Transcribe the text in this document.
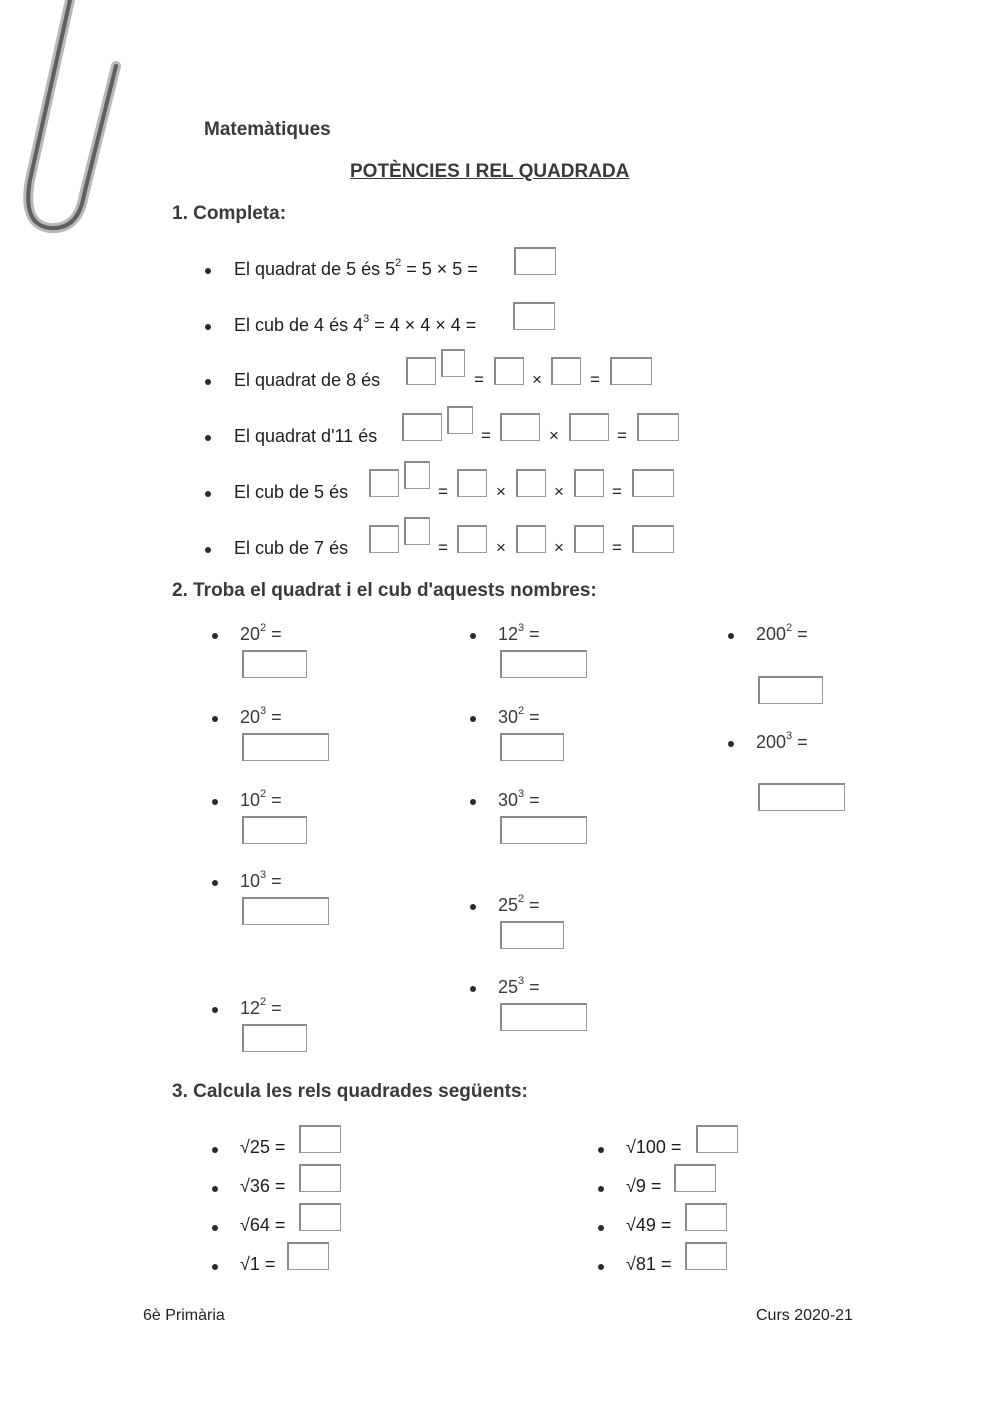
Matemàtiques
POTÈNCIES I REL QUADRADA
1. Completa:
El quadrat de 5 és $5^2 = 5 \times 5$ =
El cub de 4 és $4^3 = 4 \times 4 \times 4$ =
El quadrat de 8 és	=	×	=
El quadrat d'11 és	=	×	=
El cub de 5 és	=	×	×	=
El cub de 7 és	=	×	×	=
2. Troba el quadrat i el cub d'aquests nombres:
$20^2$ =
$20^3$ =
$10^2$ =
$10^3$ =
$12^2$ =
$12^3$ =
$30^2$ =
$30^3$ =
$25^2$ =
$25^3$ =
$200^2$ =
$200^3$ =
3. Calcula les rels quadrades següents:
√25 =
√36 =
√64 =
√1 =
√100 =
√9 =
√49 =
√81 =
6è Primària	Curs 2020-21
